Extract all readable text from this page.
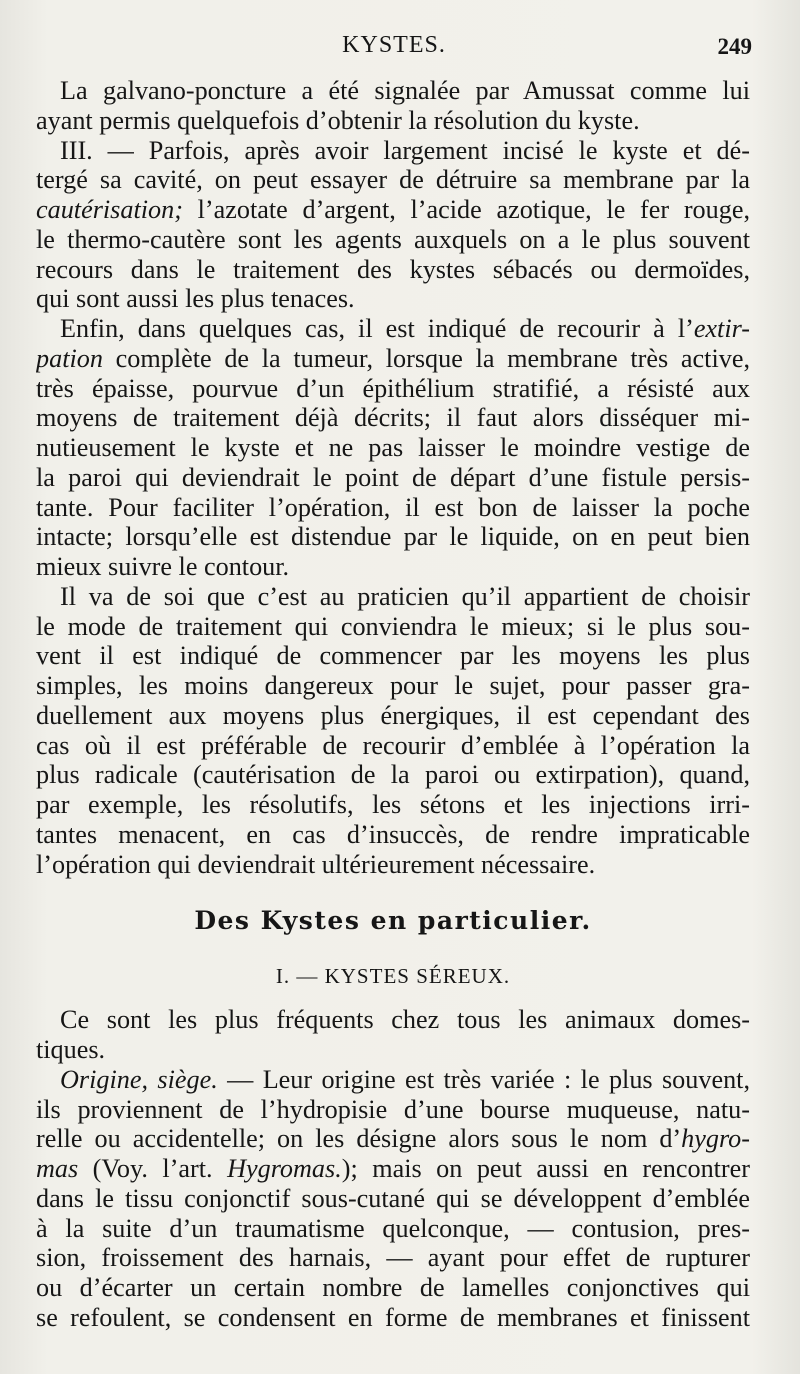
KYSTES.	249
La galvano-poncture a été signalée par Amussat comme lui
ayant permis quelquefois d’obtenir la résolution du kyste.
III. — Parfois, après avoir largement incisé le kyste et dé-
tergé sa cavité, on peut essayer de détruire sa membrane par la
cautérisation; l’azotate d’argent, l’acide azotique, le fer rouge,
le thermo-cautère sont les agents auxquels on a le plus souvent
recours dans le traitement des kystes sébacés ou dermoïdes,
qui sont aussi les plus tenaces.
Enfin, dans quelques cas, il est indiqué de recourir à l’extir-
pation complète de la tumeur, lorsque la membrane très active,
très épaisse, pourvue d’un épithélium stratifié, a résisté aux
moyens de traitement déjà décrits; il faut alors disséquer mi-
nutieusement le kyste et ne pas laisser le moindre vestige de
la paroi qui deviendrait le point de départ d’une fistule persis-
tante. Pour faciliter l’opération, il est bon de laisser la poche
intacte; lorsqu’elle est distendue par le liquide, on en peut bien
mieux suivre le contour.
Il va de soi que c’est au praticien qu’il appartient de choisir
le mode de traitement qui conviendra le mieux; si le plus sou-
vent il est indiqué de commencer par les moyens les plus
simples, les moins dangereux pour le sujet, pour passer gra-
duellement aux moyens plus énergiques, il est cependant des
cas où il est préférable de recourir d’emblée à l’opération la
plus radicale (cautérisation de la paroi ou extirpation), quand,
par exemple, les résolutifs, les sétons et les injections irri-
tantes menacent, en cas d’insuccès, de rendre impraticable
l’opération qui deviendrait ultérieurement nécessaire.
Des Kystes en particulier.
I. — KYSTES SÉREUX.
Ce sont les plus fréquents chez tous les animaux domes-
tiques.
Origine, siège. — Leur origine est très variée : le plus souvent,
ils proviennent de l’hydropisie d’une bourse muqueuse, natu-
relle ou accidentelle; on les désigne alors sous le nom d’hygro-
mas (Voy. l’art. Hygromas.); mais on peut aussi en rencontrer
dans le tissu conjonctif sous-cutané qui se développent d’emblée
à la suite d’un traumatisme quelconque, — contusion, pres-
sion, froissement des harnais, — ayant pour effet de rupturer
ou d’écarter un certain nombre de lamelles conjonctives qui
se refoulent, se condensent en forme de membranes et finissent
